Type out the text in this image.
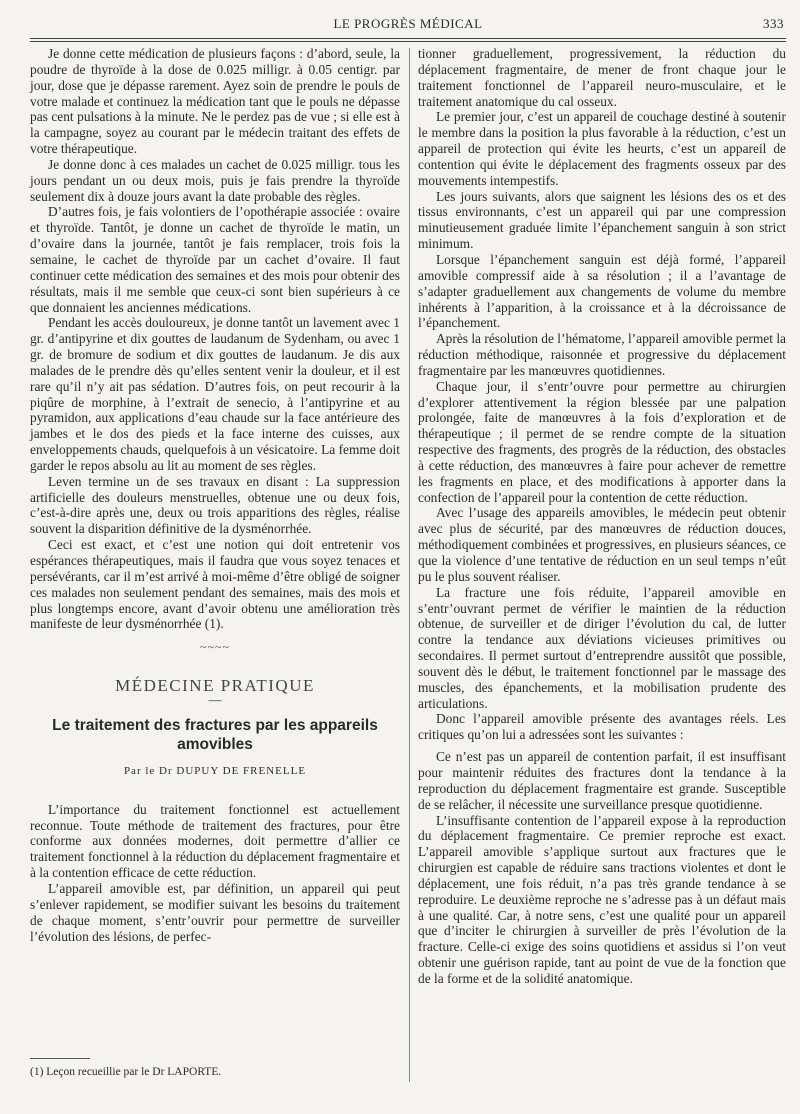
LE PROGRÈS MÉDICAL	333

Je donne cette médication de plusieurs façons : d’abord, seule, la poudre de thyroïde à la dose de 0.025 milligr. à 0.05 centigr. par jour, dose que je dépasse rarement. Ayez soin de prendre le pouls de votre malade et continuez la médication tant que le pouls ne dépasse pas cent pulsations à la minute. Ne le perdez pas de vue ; si elle est à la campagne, soyez au courant par le médecin traitant des effets de votre thérapeutique.

Je donne donc à ces malades un cachet de 0.025 milligr. tous les jours pendant un ou deux mois, puis je fais prendre la thyroïde seulement dix à douze jours avant la date probable des règles.

D’autres fois, je fais volontiers de l’opothérapie associée : ovaire et thyroïde. Tantôt, je donne un cachet de thyroïde le matin, un d’ovaire dans la journée, tantôt je fais remplacer, trois fois la semaine, le cachet de thyroïde par un cachet d’ovaire. Il faut continuer cette médication des semaines et des mois pour obtenir des résultats, mais il me semble que ceux-ci sont bien supérieurs à ce que donnaient les anciennes médications.

Pendant les accès douloureux, je donne tantôt un lavement avec 1 gr. d’antipyrine et dix gouttes de laudanum de Sydenham, ou avec 1 gr. de bromure de sodium et dix gouttes de laudanum. Je dis aux malades de le prendre dès qu’elles sentent venir la douleur, et il est rare qu’il n’y ait pas sédation. D’autres fois, on peut recourir à la piqûre de morphine, à l’extrait de senecio, à l’antipyrine et au pyramidon, aux applications d’eau chaude sur la face antérieure des jambes et le dos des pieds et la face interne des cuisses, aux enveloppements chauds, quelquefois à un vésicatoire. La femme doit garder le repos absolu au lit au moment de ses règles.

Leven termine un de ses travaux en disant : La suppression artificielle des douleurs menstruelles, obtenue une ou deux fois, c’est-à-dire après une, deux ou trois apparitions des règles, réalise souvent la disparition définitive de la dysménorrhée.

Ceci est exact, et c’est une notion qui doit entretenir vos espérances thérapeutiques, mais il faudra que vous soyez tenaces et persévérants, car il m’est arrivé à moi-même d’être obligé de soigner ces malades non seulement pendant des semaines, mais des mois et plus longtemps encore, avant d’avoir obtenu une amélioration très manifeste de leur dysménorrhée (1).

~~~~
MÉDECINE PRATIQUE
—
Le traitement des fractures par les appareils amovibles
Par le Dr DUPUY DE FRENELLE

L’importance du traitement fonctionnel est actuellement reconnue. Toute méthode de traitement des fractures, pour être conforme aux données modernes, doit permettre d’allier ce traitement fonctionnel à la réduction du déplacement fragmentaire et à la contention efficace de cette réduction.

L’appareil amovible est, par définition, un appareil qui peut s’enlever rapidement, se modifier suivant les besoins du traitement de chaque moment, s’entr’ouvrir pour permettre de surveiller l’évolution des lésions, de perfec-

(1) Leçon recueillie par le Dr LAPORTE.

tionner graduellement, progressivement, la réduction du déplacement fragmentaire, de mener de front chaque jour le traitement fonctionnel de l’appareil neuro-musculaire, et le traitement anatomique du cal osseux.

Le premier jour, c’est un appareil de couchage destiné à soutenir le membre dans la position la plus favorable à la réduction, c’est un appareil de protection qui évite les heurts, c’est un appareil de contention qui évite le déplacement des fragments osseux par des mouvements intempestifs.

Les jours suivants, alors que saignent les lésions des os et des tissus environnants, c’est un appareil qui par une compression minutieusement graduée limite l’épanchement sanguin à son strict minimum.

Lorsque l’épanchement sanguin est déjà formé, l’appareil amovible compressif aide à sa résolution ; il a l’avantage de s’adapter graduellement aux changements de volume du membre inhérents à l’apparition, à la croissance et à la décroissance de l’épanchement.

Après la résolution de l’hématome, l’appareil amovible permet la réduction méthodique, raisonnée et progressive du déplacement fragmentaire par les manœuvres quotidiennes.

Chaque jour, il s’entr’ouvre pour permettre au chirurgien d’explorer attentivement la région blessée par une palpation prolongée, faite de manœuvres à la fois d’exploration et de thérapeutique ; il permet de se rendre compte de la situation respective des fragments, des progrès de la réduction, des obstacles à cette réduction, des manœuvres à faire pour achever de remettre les fragments en place, et des modifications à apporter dans la confection de l’appareil pour la contention de cette réduction.

Avec l’usage des appareils amovibles, le médecin peut obtenir avec plus de sécurité, par des manœuvres de réduction douces, méthodiquement combinées et progressives, en plusieurs séances, ce que la violence d’une tentative de réduction en un seul temps n’eût pu le plus souvent réaliser.

La fracture une fois réduite, l’appareil amovible en s’entr’ouvrant permet de vérifier le maintien de la réduction obtenue, de surveiller et de diriger l’évolution du cal, de lutter contre la tendance aux déviations vicieuses primitives ou secondaires. Il permet surtout d’entreprendre aussitôt que possible, souvent dès le début, le traitement fonctionnel par le massage des muscles, des épanchements, et la mobilisation prudente des articulations.

Donc l’appareil amovible présente des avantages réels. Les critiques qu’on lui a adressées sont les suivantes :

Ce n’est pas un appareil de contention parfait, il est insuffisant pour maintenir réduites des fractures dont la tendance à la reproduction du déplacement fragmentaire est grande. Susceptible de se relâcher, il nécessite une surveillance presque quotidienne.

L’insuffisante contention de l’appareil expose à la reproduction du déplacement fragmentaire. Ce premier reproche est exact. L’appareil amovible s’applique surtout aux fractures que le chirurgien est capable de réduire sans tractions violentes et dont le déplacement, une fois réduit, n’a pas très grande tendance à se reproduire. Le deuxième reproche ne s’adresse pas à un défaut mais à une qualité. Car, à notre sens, c’est une qualité pour un appareil que d’inciter le chirurgien à surveiller de près l’évolution de la fracture. Celle-ci exige des soins quotidiens et assidus si l’on veut obtenir une guérison rapide, tant au point de vue de la fonction que de la forme et de la solidité anatomique.
